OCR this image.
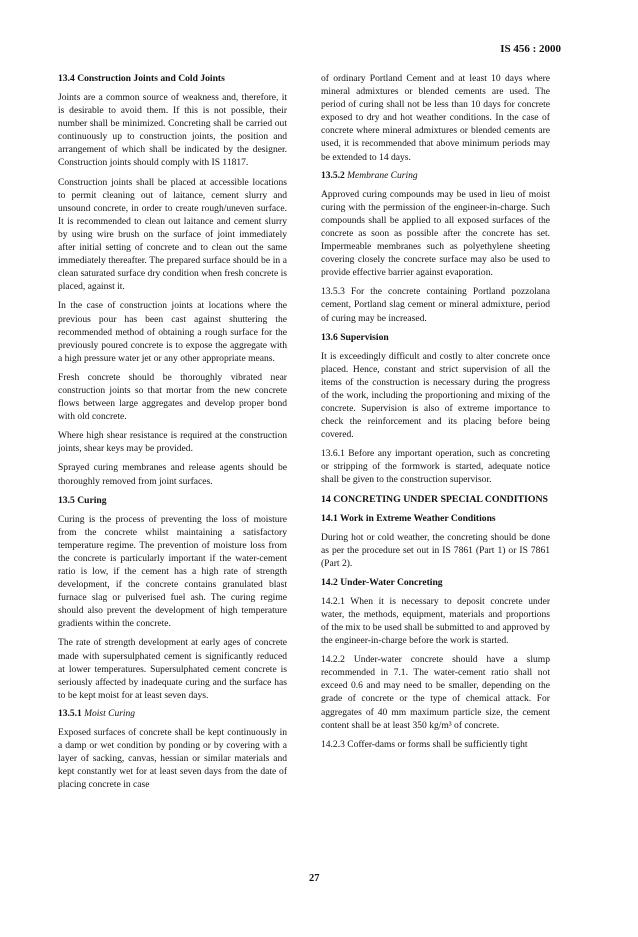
IS 456 : 2000
13.4 Construction Joints and Cold Joints

Joints are a common source of weakness and, therefore, it is desirable to avoid them. If this is not possible, their number shall be minimized. Concreting shall be carried out continuously up to construction joints, the position and arrangement of which shall be indicated by the designer. Construction joints should comply with IS 11817.

Construction joints shall be placed at accessible locations to permit cleaning out of laitance, cement slurry and unsound concrete, in order to create rough/uneven surface. It is recommended to clean out laitance and cement slurry by using wire brush on the surface of joint immediately after initial setting of concrete and to clean out the same immediately thereafter. The prepared surface should be in a clean saturated surface dry condition when fresh concrete is placed, against it.

In the case of construction joints at locations where the previous pour has been cast against shuttering the recommended method of obtaining a rough surface for the previously poured concrete is to expose the aggregate with a high pressure water jet or any other appropriate means.

Fresh concrete should be thoroughly vibrated near construction joints so that mortar from the new concrete flows between large aggregates and develop proper bond with old concrete.

Where high shear resistance is required at the construction joints, shear keys may be provided.

Sprayed curing membranes and release agents should be thoroughly removed from joint surfaces.

13.5 Curing

Curing is the process of preventing the loss of moisture from the concrete whilst maintaining a satisfactory temperature regime. The prevention of moisture loss from the concrete is particularly important if the water-cement ratio is low, if the cement has a high rate of strength development, if the concrete contains granulated blast furnace slag or pulverised fuel ash. The curing regime should also prevent the development of high temperature gradients within the concrete.

The rate of strength development at early ages of concrete made with supersulphated cement is significantly reduced at lower temperatures. Supersulphated cement concrete is seriously affected by inadequate curing and the surface has to be kept moist for at least seven days.

13.5.1 Moist Curing

Exposed surfaces of concrete shall be kept continuously in a damp or wet condition by ponding or by covering with a layer of sacking, canvas, hessian or similar materials and kept constantly wet for at least seven days from the date of placing concrete in case

of ordinary Portland Cement and at least 10 days where mineral admixtures or blended cements are used. The period of curing shall not be less than 10 days for concrete exposed to dry and hot weather conditions. In the case of concrete where mineral admixtures or blended cements are used, it is recommended that above minimum periods may be extended to 14 days.

13.5.2 Membrane Curing

Approved curing compounds may be used in lieu of moist curing with the permission of the engineer-in-charge. Such compounds shall be applied to all exposed surfaces of the concrete as soon as possible after the concrete has set. Impermeable membranes such as polyethylene sheeting covering closely the concrete surface may also be used to provide effective barrier against evaporation.

13.5.3 For the concrete containing Portland pozzolana cement, Portland slag cement or mineral admixture, period of curing may be increased.

13.6 Supervision

It is exceedingly difficult and costly to alter concrete once placed. Hence, constant and strict supervision of all the items of the construction is necessary during the progress of the work, including the proportioning and mixing of the concrete. Supervision is also of extreme importance to check the reinforcement and its placing before being covered.

13.6.1 Before any important operation, such as concreting or stripping of the formwork is started, adequate notice shall be given to the construction supervisor.

14 CONCRETING UNDER SPECIAL CONDITIONS
14.1 Work in Extreme Weather Conditions

During hot or cold weather, the concreting should be done as per the procedure set out in IS 7861 (Part 1) or IS 7861 (Part 2).

14.2 Under-Water Concreting

14.2.1 When it is necessary to deposit concrete under water, the methods, equipment, materials and proportions of the mix to be used shall be submitted to and approved by the engineer-in-charge before the work is started.

14.2.2 Under-water concrete should have a slump recommended in 7.1. The water-cement ratio shall not exceed 0.6 and may need to be smaller, depending on the grade of concrete or the type of chemical attack. For aggregates of 40 mm maximum particle size, the cement content shall be at least 350 kg/m³ of concrete.

14.2.3 Coffer-dams or forms shall be sufficiently tight

27
